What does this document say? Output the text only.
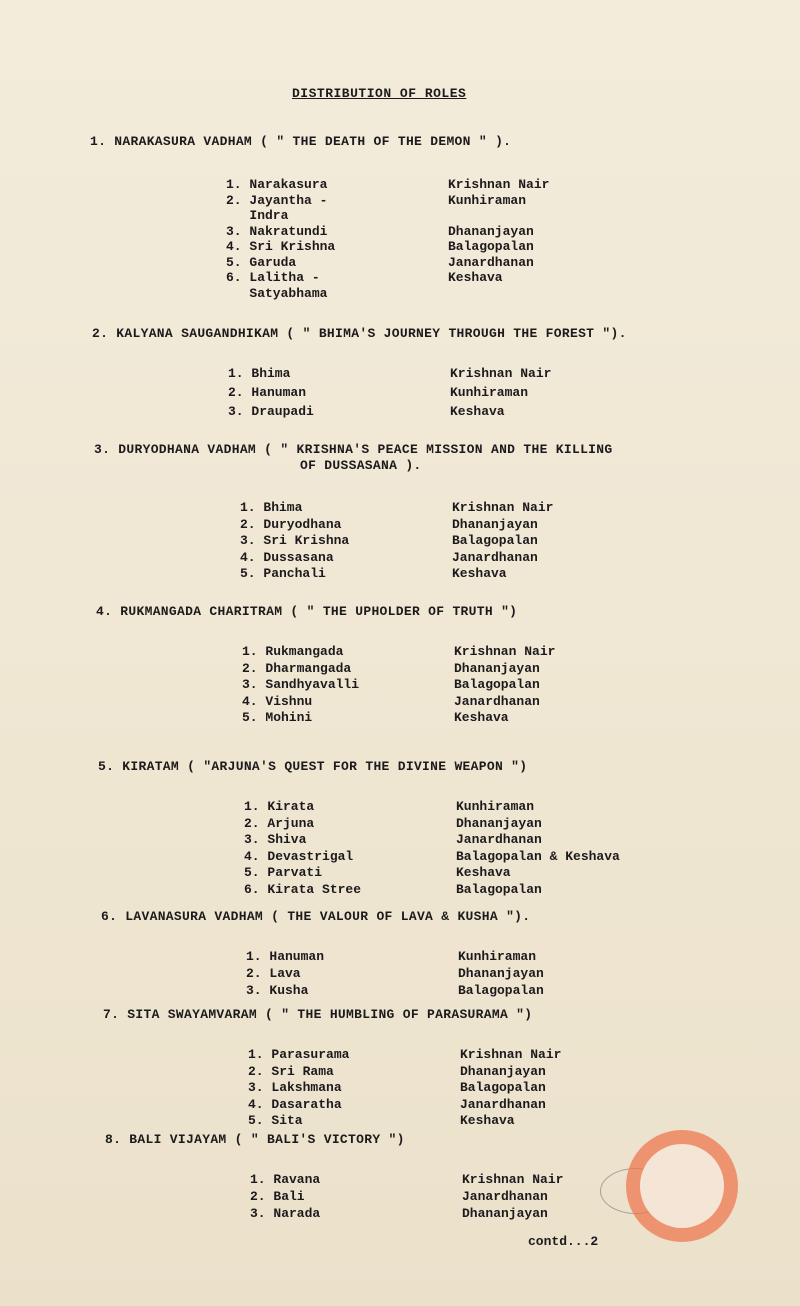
DISTRIBUTION OF ROLES
1. NARAKASURA VADHAM ( " THE DEATH OF THE DEMON " ).
1. Narakasura	Krishnan Nair
2. Jayantha -	Kunhiraman
Indra
3. Nakratundi	Dhananjayan
4. Sri Krishna	Balagopalan
5. Garuda	Janardhanan
6. Lalitha -	Keshava
Satyabhama
2. KALYANA SAUGANDHIKAM ( " BHIMA'S JOURNEY THROUGH THE FOREST ").
1. Bhima	Krishnan Nair
2. Hanuman	Kunhiraman
3. Draupadi	Keshava
3. DURYODHANA VADHAM ( " KRISHNA'S PEACE MISSION AND THE KILLING
OF DUSSASANA ).
1. Bhima	Krishnan Nair
2. Duryodhana	Dhananjayan
3. Sri Krishna	Balagopalan
4. Dussasana	Janardhanan
5. Panchali	Keshava
4. RUKMANGADA CHARITRAM ( " THE UPHOLDER OF TRUTH ")
1. Rukmangada	Krishnan Nair
2. Dharmangada	Dhananjayan
3. Sandhyavalli	Balagopalan
4. Vishnu	Janardhanan
5. Mohini	Keshava
5. KIRATAM ( "ARJUNA'S QUEST FOR THE DIVINE WEAPON ")
1. Kirata	Kunhiraman
2. Arjuna	Dhananjayan
3. Shiva	Janardhanan
4. Devastrigal	Balagopalan & Keshava
5. Parvati	Keshava
6. Kirata Stree	Balagopalan
6. LAVANASURA VADHAM ( THE VALOUR OF LAVA & KUSHA ").
1. Hanuman	Kunhiraman
2. Lava	Dhananjayan
3. Kusha	Balagopalan
7. SITA SWAYAMVARAM ( " THE HUMBLING OF PARASURAMA ")
1. Parasurama	Krishnan Nair
2. Sri Rama	Dhananjayan
3. Lakshmana	Balagopalan
4. Dasaratha	Janardhanan
5. Sita	Keshava
8. BALI VIJAYAM ( " BALI'S VICTORY ")
1. Ravana	Krishnan Nair
2. Bali	Janardhanan
3. Narada	Dhananjayan
contd...2
